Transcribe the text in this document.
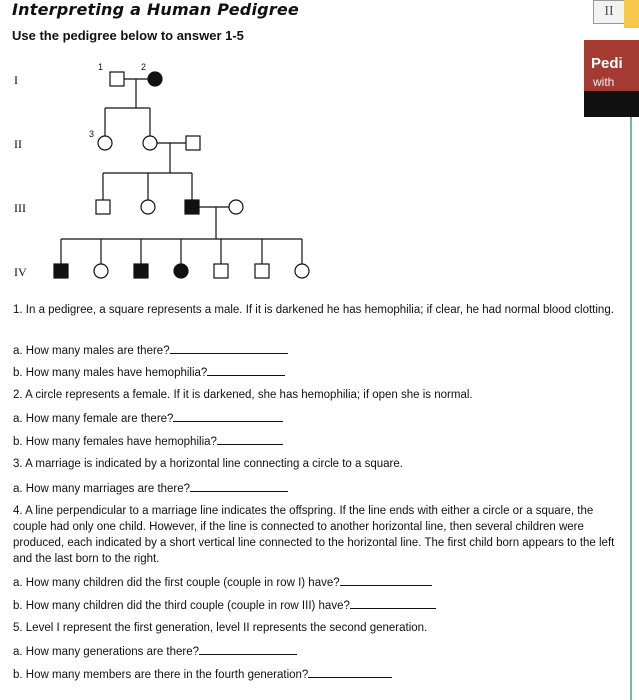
Interpreting a Human Pedigree
Use the pedigree below to answer 1-5
I
II
III
IV
1	2
3
1. In a pedigree, a square represents a male. If it is darkened he has hemophilia; if clear, he had normal blood clotting.
a. How many males are there?
b. How many males have hemophilia?
2. A circle represents a female. If it is darkened, she has hemophilia; if open she is normal.
a. How many female are there?
b. How many females have hemophilia?
3. A marriage is indicated by a horizontal line connecting a circle to a square.
a. How many marriages are there?
4. A line perpendicular to a marriage line indicates the offspring. If the line ends with either a circle or a square, the couple had only one child. However, if the line is connected to another horizontal line, then several children were produced, each indicated by a short vertical line connected to the horizontal line. The first child born appears to the left and the last born to the right.
a. How many children did the first couple (couple in row I) have?
b. How many children did the third couple (couple in row III) have?
5. Level I represent the first generation, level II represents the second generation.
a. How many generations are there?
b. How many members are there in the fourth generation?
II
Pedi
with
